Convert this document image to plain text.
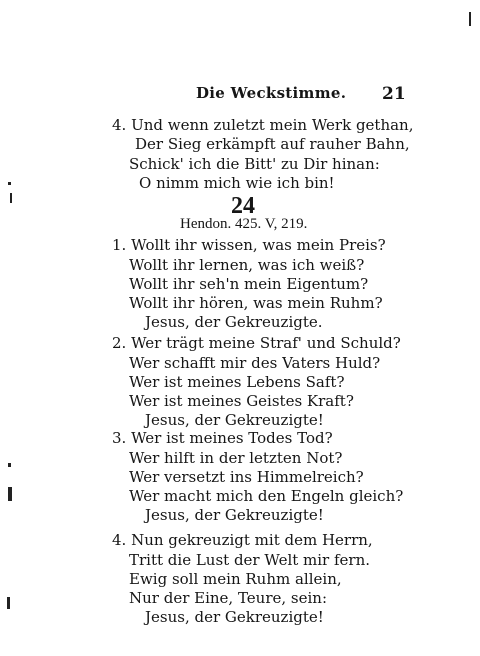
Die Weckstimme. 21
4. Und wenn zuletzt mein Werk gethan,
Der Sieg erkämpft auf rauher Bahn,
Schick' ich die Bitt' zu Dir hinan:
O nimm mich wie ich bin!
24
Hendon. 425. V, 219.
1. Wollt ihr wissen, was mein Preis?
Wollt ihr lernen, was ich weiß?
Wollt ihr seh'n mein Eigentum?
Wollt ihr hören, was mein Ruhm?
Jesus, der Gekreuzigte.
2. Wer trägt meine Straf' und Schuld?
Wer schafft mir des Vaters Huld?
Wer ist meines Lebens Saft?
Wer ist meines Geistes Kraft?
Jesus, der Gekreuzigte!
3. Wer ist meines Todes Tod?
Wer hilft in der letzten Not?
Wer versetzt ins Himmelreich?
Wer macht mich den Engeln gleich?
Jesus, der Gekreuzigte!
4. Nun gekreuzigt mit dem Herrn,
Tritt die Lust der Welt mir fern.
Ewig soll mein Ruhm allein,
Nur der Eine, Teure, sein:
Jesus, der Gekreuzigte!
